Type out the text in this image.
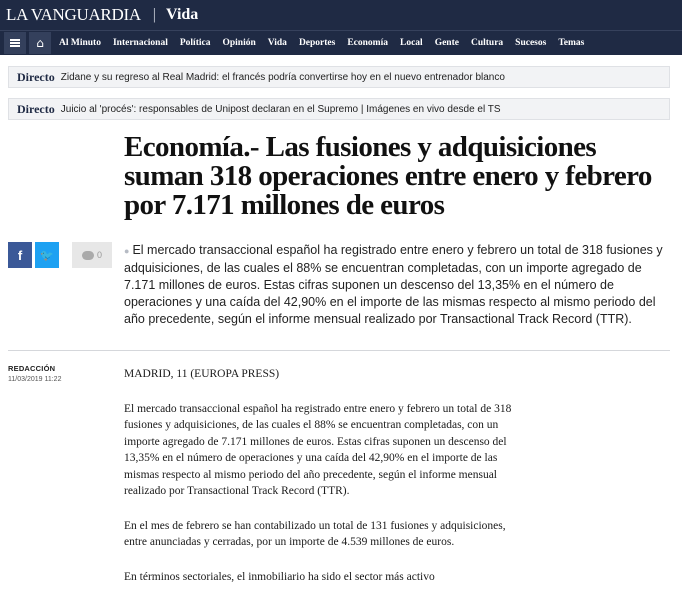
LA VANGUARDIA | Vida
⌂ Al Minuto Internacional Política Opinión Vida Deportes Economía Local Gente Cultura Sucesos Temas
Directo Zidane y su regreso al Real Madrid: el francés podría convertirse hoy en el nuevo entrenador blanco
Directo Juicio al 'procés': responsables de Unipost declaran en el Supremo | Imágenes en vivo desde el TS
Economía.- Las fusiones y adquisiciones suman 318 operaciones entre enero y febrero por 7.171 millones de euros
f 🐦	0 ● El mercado transaccional español ha registrado entre enero y febrero un total de 318 fusiones y adquisiciones, de las cuales el 88% se encuentran completadas, con un importe agregado de 7.171 millones de euros. Estas cifras suponen un descenso del 13,35% en el número de operaciones y una caída del 42,90% en el importe de las mismas respecto al mismo periodo del año precedente, según el informe mensual realizado por Transactional Track Record (TTR).
REDACCIÓN
11/03/2019 11:22	MADRID, 11 (EUROPA PRESS)

El mercado transaccional español ha registrado entre enero y febrero un total de 318 fusiones y adquisiciones, de las cuales el 88% se encuentran completadas, con un importe agregado de 7.171 millones de euros. Estas cifras suponen un descenso del 13,35% en el número de operaciones y una caída del 42,90% en el importe de las mismas respecto al mismo periodo del año precedente, según el informe mensual realizado por Transactional Track Record (TTR).

En el mes de febrero se han contabilizado un total de 131 fusiones y adquisiciones, entre anunciadas y cerradas, por un importe de 4.539 millones de euros.

En términos sectoriales, el inmobiliario ha sido el sector más activo
